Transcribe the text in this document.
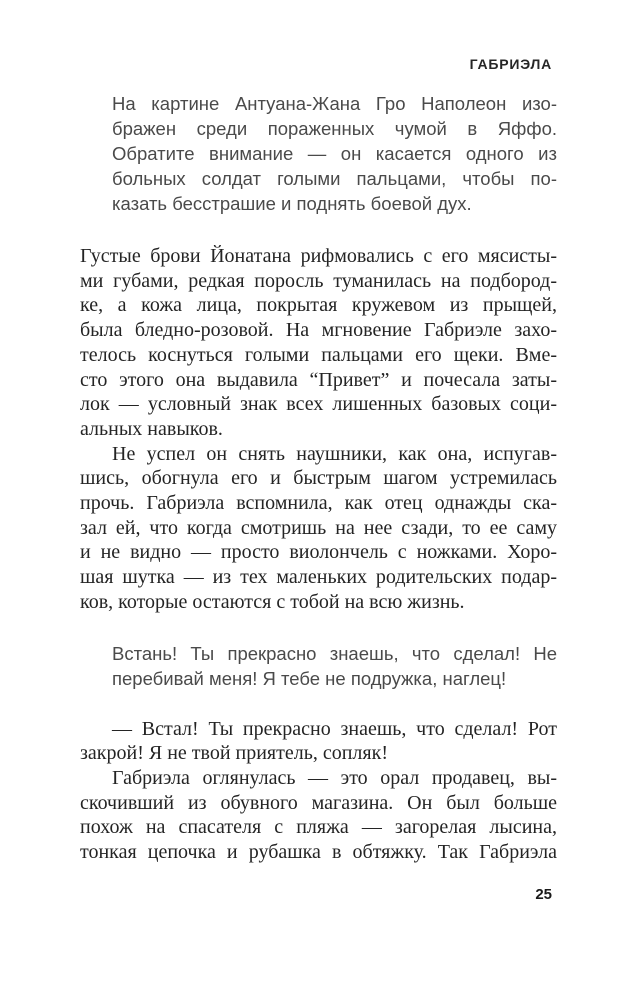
ГАБРИЭЛА
На картине Антуана-Жана Гро Наполеон изо-
бражен среди пораженных чумой в Яффо.
Обратите внимание — он касается одного из
больных солдат голыми пальцами, чтобы по-
казать бесстрашие и поднять боевой дух.
Густые брови Йонатана рифмовались с его мясисты-
ми губами, редкая поросль туманилась на подбород-
ке, а кожа лица, покрытая кружевом из прыщей,
была бледно-розовой. На мгновение Габриэле захо-
телось коснуться голыми пальцами его щеки. Вме-
сто этого она выдавила “Привет” и почесала заты-
лок — условный знак всех лишенных базовых соци-
альных навыков.
Не успел он снять наушники, как она, испугав-
шись, обогнула его и быстрым шагом устремилась
прочь. Габриэла вспомнила, как отец однажды ска-
зал ей, что когда смотришь на нее сзади, то ее саму
и не видно — просто виолончель с ножками. Хоро-
шая шутка — из тех маленьких родительских подар-
ков, которые остаются с тобой на всю жизнь.
Встань! Ты прекрасно знаешь, что сделал! Не
перебивай меня! Я тебе не подружка, наглец!
— Встал! Ты прекрасно знаешь, что сделал! Рот
закрой! Я не твой приятель, сопляк!
Габриэла оглянулась — это орал продавец, вы-
скочивший из обувного магазина. Он был больше
похож на спасателя с пляжа — загорелая лысина,
тонкая цепочка и рубашка в обтяжку. Так Габриэла
25
